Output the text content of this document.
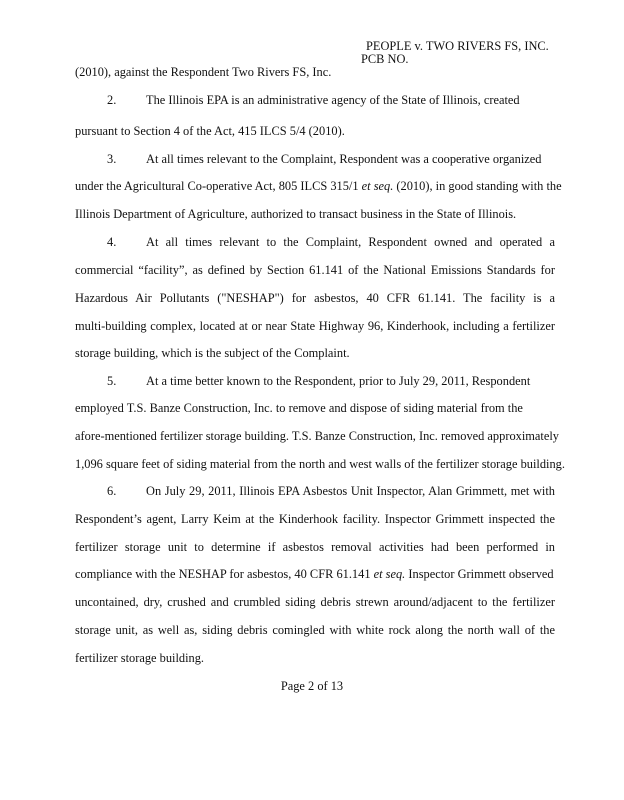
PEOPLE v. TWO RIVERS FS, INC.
PCB NO.
(2010), against the Respondent Two Rivers FS, Inc.
2. The Illinois EPA is an administrative agency of the State of Illinois, created
pursuant to Section 4 of the Act, 415 ILCS 5/4 (2010).
3. At all times relevant to the Complaint, Respondent was a cooperative organized
under the Agricultural Co-operative Act, 805 ILCS 315/1 et seq. (2010), in good standing with the
Illinois Department of Agriculture, authorized to transact business in the State of Illinois.
4. At all times relevant to the Complaint, Respondent owned and operated a
commercial “facility”, as defined by Section 61.141 of the National Emissions Standards for
Hazardous Air Pollutants ("NESHAP") for asbestos, 40 CFR 61.141. The facility is a
multi-building complex, located at or near State Highway 96, Kinderhook, including a fertilizer
storage building, which is the subject of the Complaint.
5. At a time better known to the Respondent, prior to July 29, 2011, Respondent
employed T.S. Banze Construction, Inc. to remove and dispose of siding material from the
afore-mentioned fertilizer storage building. T.S. Banze Construction, Inc. removed approximately
1,096 square feet of siding material from the north and west walls of the fertilizer storage building.
6. On July 29, 2011, Illinois EPA Asbestos Unit Inspector, Alan Grimmett, met with
Respondent’s agent, Larry Keim at the Kinderhook facility. Inspector Grimmett inspected the
fertilizer storage unit to determine if asbestos removal activities had been performed in
compliance with the NESHAP for asbestos, 40 CFR 61.141 et seq. Inspector Grimmett observed
uncontained, dry, crushed and crumbled siding debris strewn around/adjacent to the fertilizer
storage unit, as well as, siding debris comingled with white rock along the north wall of the
fertilizer storage building.
Page 2 of 13
